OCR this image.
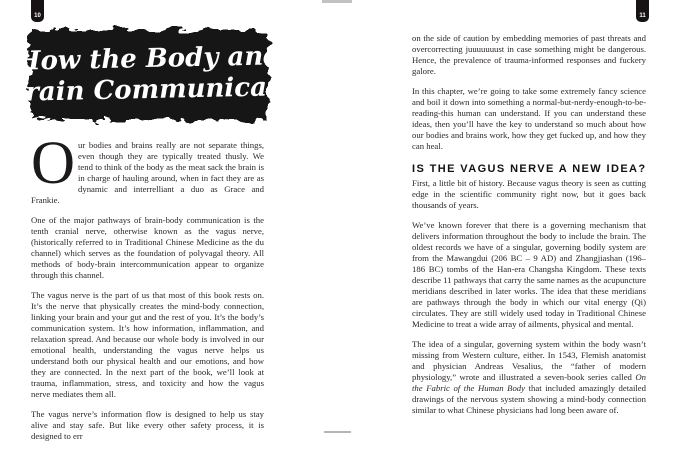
10	11
How the Body and
Brain Communicate

Our bodies and brains really are not separate things, even though they are typically treated thusly. We tend to think of the body as the meat sack the brain is in charge of hauling around, when in fact they are as dynamic and interrelliant a duo as Grace and Frankie.

One of the major pathways of brain-body communication is the tenth cranial nerve, otherwise known as the vagus nerve, (historically referred to in Traditional Chinese Medicine as the du channel) which serves as the foundation of polyvagal theory. All methods of body-brain intercommunication appear to organize through this channel.

The vagus nerve is the part of us that most of this book rests on. It’s the nerve that physically creates the mind-body connection, linking your brain and your gut and the rest of you. It’s the body’s communication system. It’s how information, inflammation, and relaxation spread. And because our whole body is involved in our emotional health, understanding the vagus nerve helps us understand both our physical health and our emotions, and how they are connected. In the next part of the book, we’ll look at trauma, inflammation, stress, and toxicity and how the vagus nerve mediates them all.

The vagus nerve’s information flow is designed to help us stay alive and stay safe. But like every other safety process, it is designed to err

on the side of caution by embedding memories of past threats and overcorrecting juuuuuuust in case something might be dangerous. Hence, the prevalence of trauma-informed responses and fuckery galore.

In this chapter, we’re going to take some extremely fancy science and boil it down into something a normal-but-nerdy-enough-to-be-reading-this human can understand. If you can understand these ideas, then you’ll have the key to understand so much about how our bodies and brains work, how they get fucked up, and how they can heal.

IS THE VAGUS NERVE A NEW IDEA?

First, a little bit of history. Because vagus theory is seen as cutting edge in the scientific community right now, but it goes back thousands of years.

We’ve known forever that there is a governing mechanism that delivers information throughout the body to include the brain. The oldest records we have of a singular, governing bodily system are from the Mawangdui (206 BC – 9 AD) and Zhangjiashan (196–186 BC) tombs of the Han-era Changsha Kingdom. These texts describe 11 pathways that carry the same names as the acupuncture meridians described in later works. The idea that these meridians are pathways through the body in which our vital energy (Qi) circulates. They are still widely used today in Traditional Chinese Medicine to treat a wide array of ailments, physical and mental.

The idea of a singular, governing system within the body wasn’t missing from Western culture, either. In 1543, Flemish anatomist and physician Andreas Vesalius, the “father of modern physiology,” wrote and illustrated a seven-book series called On the Fabric of the Human Body that included amazingly detailed drawings of the nervous system showing a mind-body connection similar to what Chinese physicians had long been aware of.
